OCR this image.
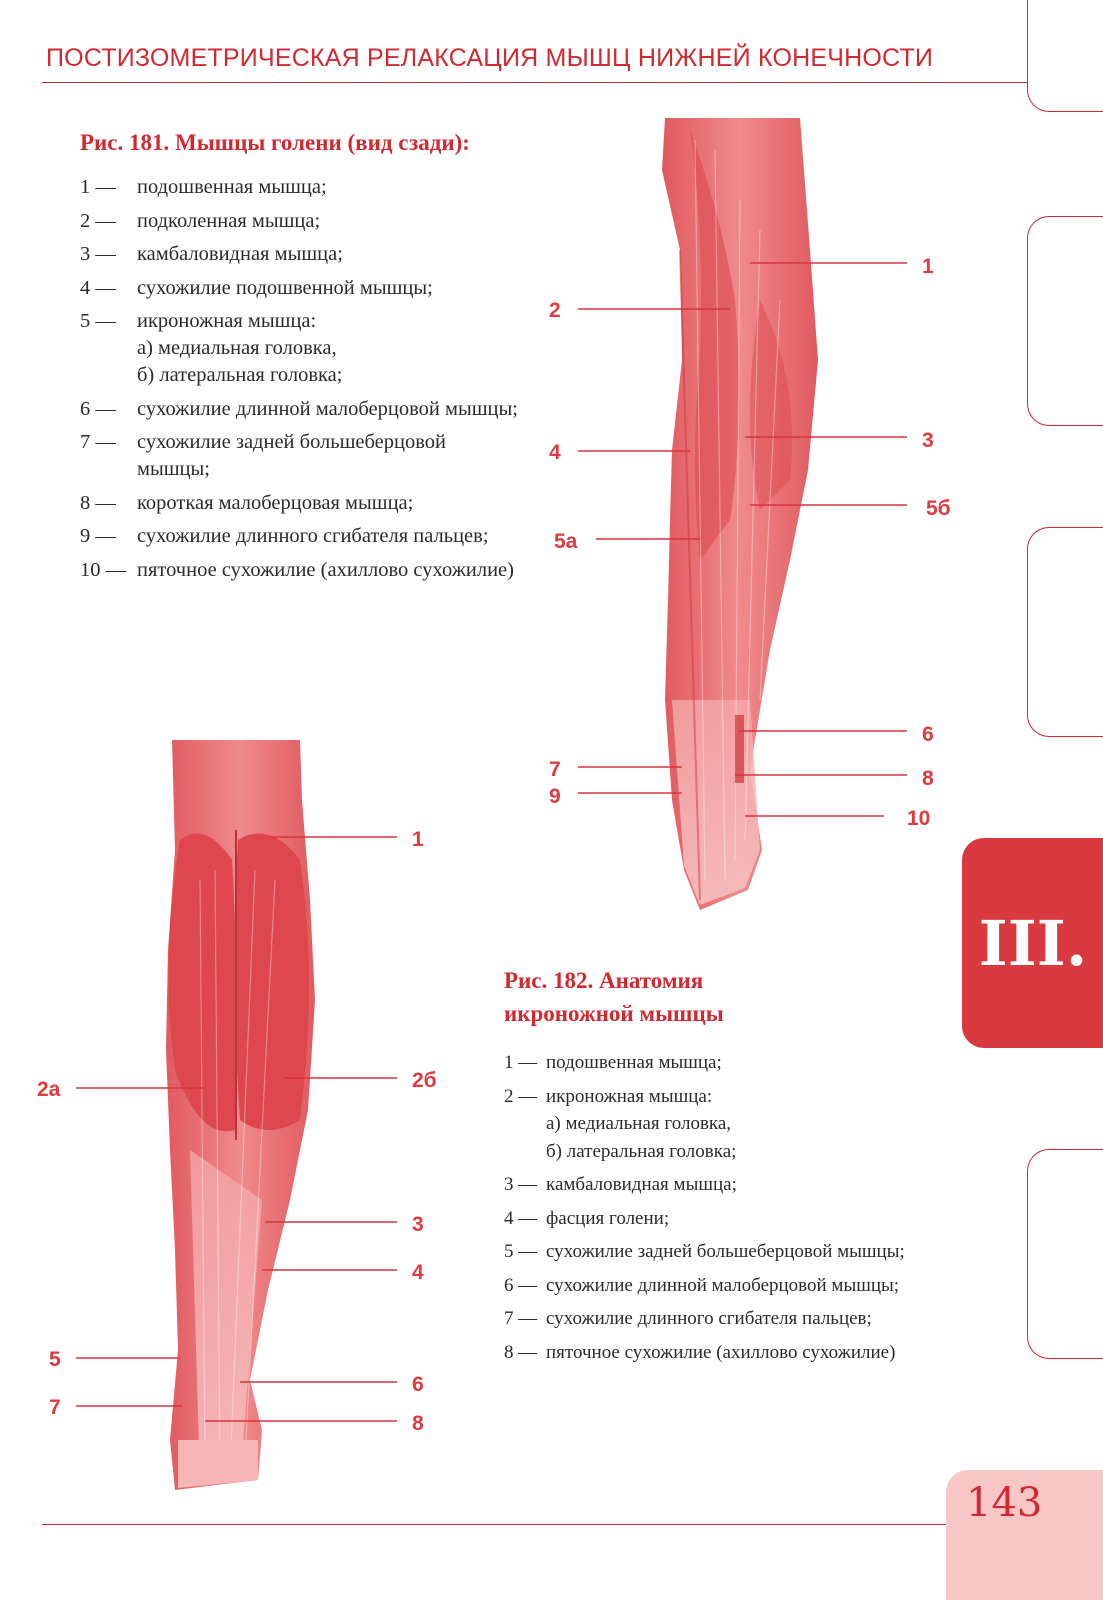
ПОСТИЗОМЕТРИЧЕСКАЯ РЕЛАКСАЦИЯ МЫШЦ НИЖНЕЙ КОНЕЧНОСТИ
III.
Рис. 181. Мышцы голени (вид сзади):
1 —	подошвенная мышца;
2 —	подколенная мышца;
3 —	камбаловидная мышца;
4 —	сухожилие подошвенной мышцы;
5 —	икроножная мышца:
а) медиальная головка,
б) латеральная головка;
6 —	сухожилие длинной малоберцовой мышцы;
7 —	сухожилие задней большеберцовой мышцы;
8 —	короткая малоберцовая мышца;
9 —	сухожилие длинного сгибателя пальцев;
10 — пяточное сухожилие (ахиллово сухожилие)
Рис. 182. Анатомия
икроножной мышцы
1 — подошвенная мышца;
2 — икроножная мышца:
а) медиальная головка,
б) латеральная головка;
3 — камбаловидная мышца;
4 — фасция голени;
5 — сухожилие задней большеберцовой мышцы;
6 — сухожилие длинной малоберцовой мышцы;
7 — сухожилие длинного сгибателя пальцев;
8 — пяточное сухожилие (ахиллово сухожилие)
1
2
3
4
5б
5а
6
7	8
9
10
1
2а	2б
3
4
5
6
7
8
143
